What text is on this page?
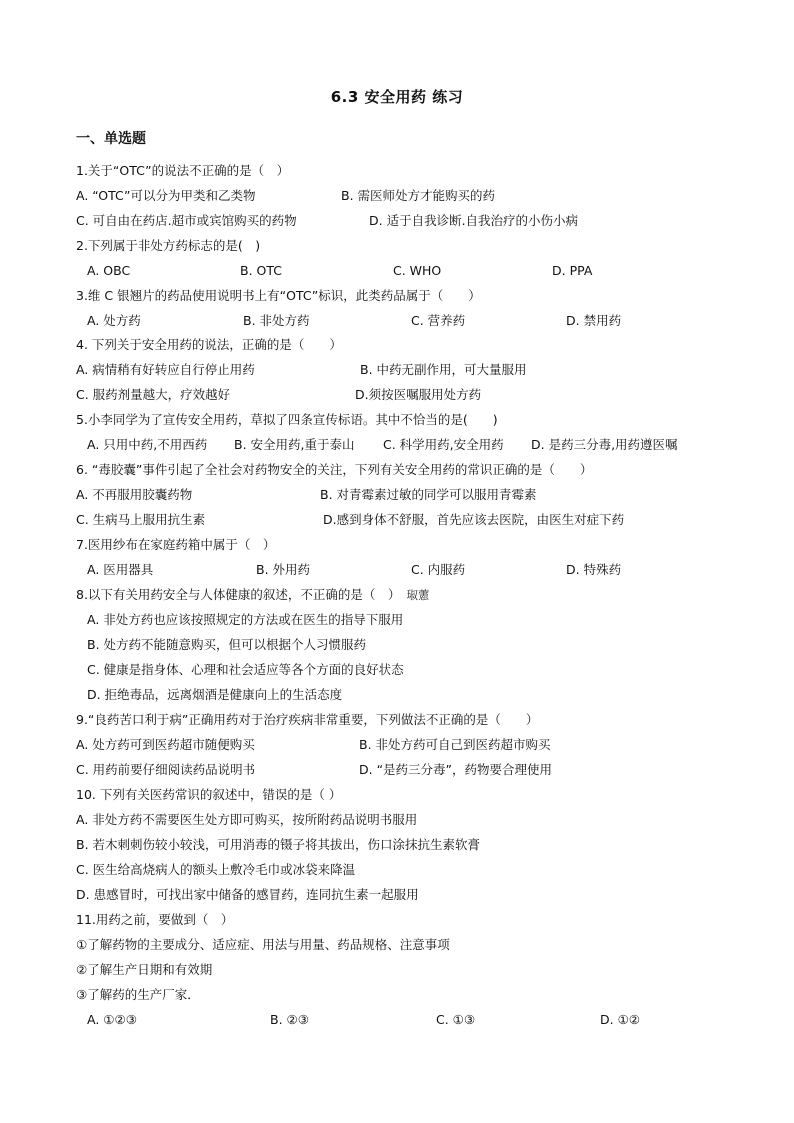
6.3 安全用药 练习
一、单选题
1.关于“OTC”的说法不正确的是（　）
A. “OTC”可以分为甲类和乙类物	B. 需医师处方才能购买的药
C. 可自由在药店.超市或宾馆购买的药物	D. 适于自我诊断.自我治疗的小伤小病
2.下列属于非处方药标志的是(　)
A. OBC	B. OTC	C. WHO	D. PPA
3.维 C 银翘片的药品使用说明书上有“OTC”标识，此类药品属于（　　）
A. 处方药	B. 非处方药	C. 营养药	D. 禁用药
4. 下列关于安全用药的说法，正确的是（　　）
A. 病情稍有好转应自行停止用药	B. 中药无副作用，可大量服用
C. 服药剂量越大，疗效越好	D.须按医嘱服用处方药
5.小李同学为了宣传安全用药，草拟了四条宣传标语。其中不恰当的是(　　)
A. 只用中药,不用西药 B. 安全用药,重于泰山 C. 科学用药,安全用药 D. 是药三分毒,用药遵医嘱
6. “毒胶囊”事件引起了全社会对药物安全的关注，下列有关安全用药的常识正确的是（　　）
A. 不再服用胶囊药物	B. 对青霉素过敏的同学可以服用青霉素
C. 生病马上服用抗生素	D.感到身体不舒服，首先应该去医院，由医生对症下药
7.医用纱布在家庭药箱中属于（　）
A. 医用器具	B. 外用药	C. 内服药	D. 特殊药
8.以下有关用药安全与人体健康的叙述，不正确的是（　） 琡藼
A. 非处方药也应该按照规定的方法或在医生的指导下服用
B. 处方药不能随意购买，但可以根据个人习惯服药
C. 健康是指身体、心理和社会适应等各个方面的良好状态
D. 拒绝毒品，远离烟酒是健康向上的生活态度
9.“良药苦口利于病”正确用药对于治疗疾病非常重要，下列做法不正确的是（　　）
A. 处方药可到医药超市随便购买	B. 非处方药可自己到医药超市购买
C. 用药前要仔细阅读药品说明书	D. “是药三分毒”，药物要合理使用
10. 下列有关医药常识的叙述中，错误的是（ ）
A. 非处方药不需要医生处方即可购买，按所附药品说明书服用
B. 若木刺刺伤较小较浅，可用消毒的镊子将其拔出，伤口涂抹抗生素软膏
C. 医生给高烧病人的额头上敷冷毛巾或冰袋来降温
D. 患感冒时，可找出家中储备的感冒药，连同抗生素一起服用
11.用药之前，要做到（　）
①了解药物的主要成分、适应症、用法与用量、药品规格、注意事项
②了解生产日期和有效期
③了解药的生产厂家．
A. ①②③	B. ②③	C. ①③	D. ①②
